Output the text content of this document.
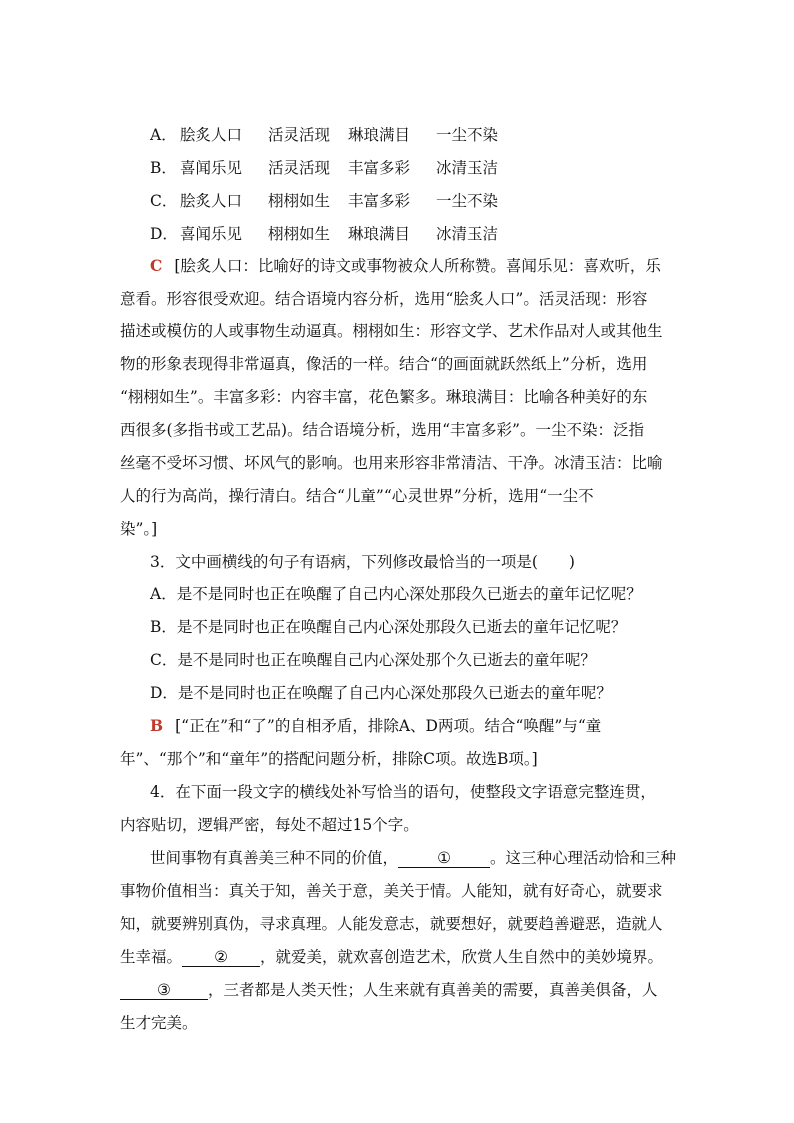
A． 脍炙人口 活灵活现 琳琅满目 一尘不染
B． 喜闻乐见 活灵活现 丰富多彩 冰清玉洁
C． 脍炙人口 栩栩如生 丰富多彩 一尘不染
D． 喜闻乐见 栩栩如生 琳琅满目 冰清玉洁
C [脍炙人口：比喻好的诗文或事物被众人所称赞。喜闻乐见：喜欢听，乐
意看。形容很受欢迎。结合语境内容分析，选用“脍炙人口”。活灵活现：形容
描述或模仿的人或事物生动逼真。栩栩如生：形容文学、艺术作品对人或其他生
物的形象表现得非常逼真，像活的一样。结合“的画面就跃然纸上”分析，选用
“栩栩如生”。丰富多彩：内容丰富，花色繁多。琳琅满目：比喻各种美好的东
西很多(多指书或工艺品)。结合语境分析，选用“丰富多彩”。一尘不染：泛指
丝毫不受坏习惯、坏风气的影响。也用来形容非常清洁、干净。冰清玉洁：比喻
人的行为高尚，操行清白。结合“儿童”“心灵世界”分析，选用“一尘不
染”。]
3．文中画横线的句子有语病，下列修改最恰当的一项是(　　)
A．是不是同时也正在唤醒了自己内心深处那段久已逝去的童年记忆呢？
B．是不是同时也正在唤醒自己内心深处那段久已逝去的童年记忆呢？
C．是不是同时也正在唤醒自己内心深处那个久已逝去的童年呢？
D．是不是同时也正在唤醒了自己内心深处那段久已逝去的童年呢？
B [“正在”和“了”的自相矛盾，排除A、D两项。结合“唤醒”与“童
年”、“那个”和“童年”的搭配问题分析，排除C项。故选B项。]
4．在下面一段文字的横线处补写恰当的语句，使整段文字语意完整连贯，
内容贴切，逻辑严密，每处不超过15个字。
世间事物有真善美三种不同的价值，	①	。这三种心理活动恰和三种
事物价值相当：真关于知，善关于意，美关于情。人能知，就有好奇心，就要求
知，就要辨别真伪，寻求真理。人能发意志，就要想好，就要趋善避恶，造就人
生幸福。 ② ，就爱美，就欢喜创造艺术，欣赏人生自然中的美妙境界。
③ ，三者都是人类天性；人生来就有真善美的需要，真善美俱备，人
生才完美。
